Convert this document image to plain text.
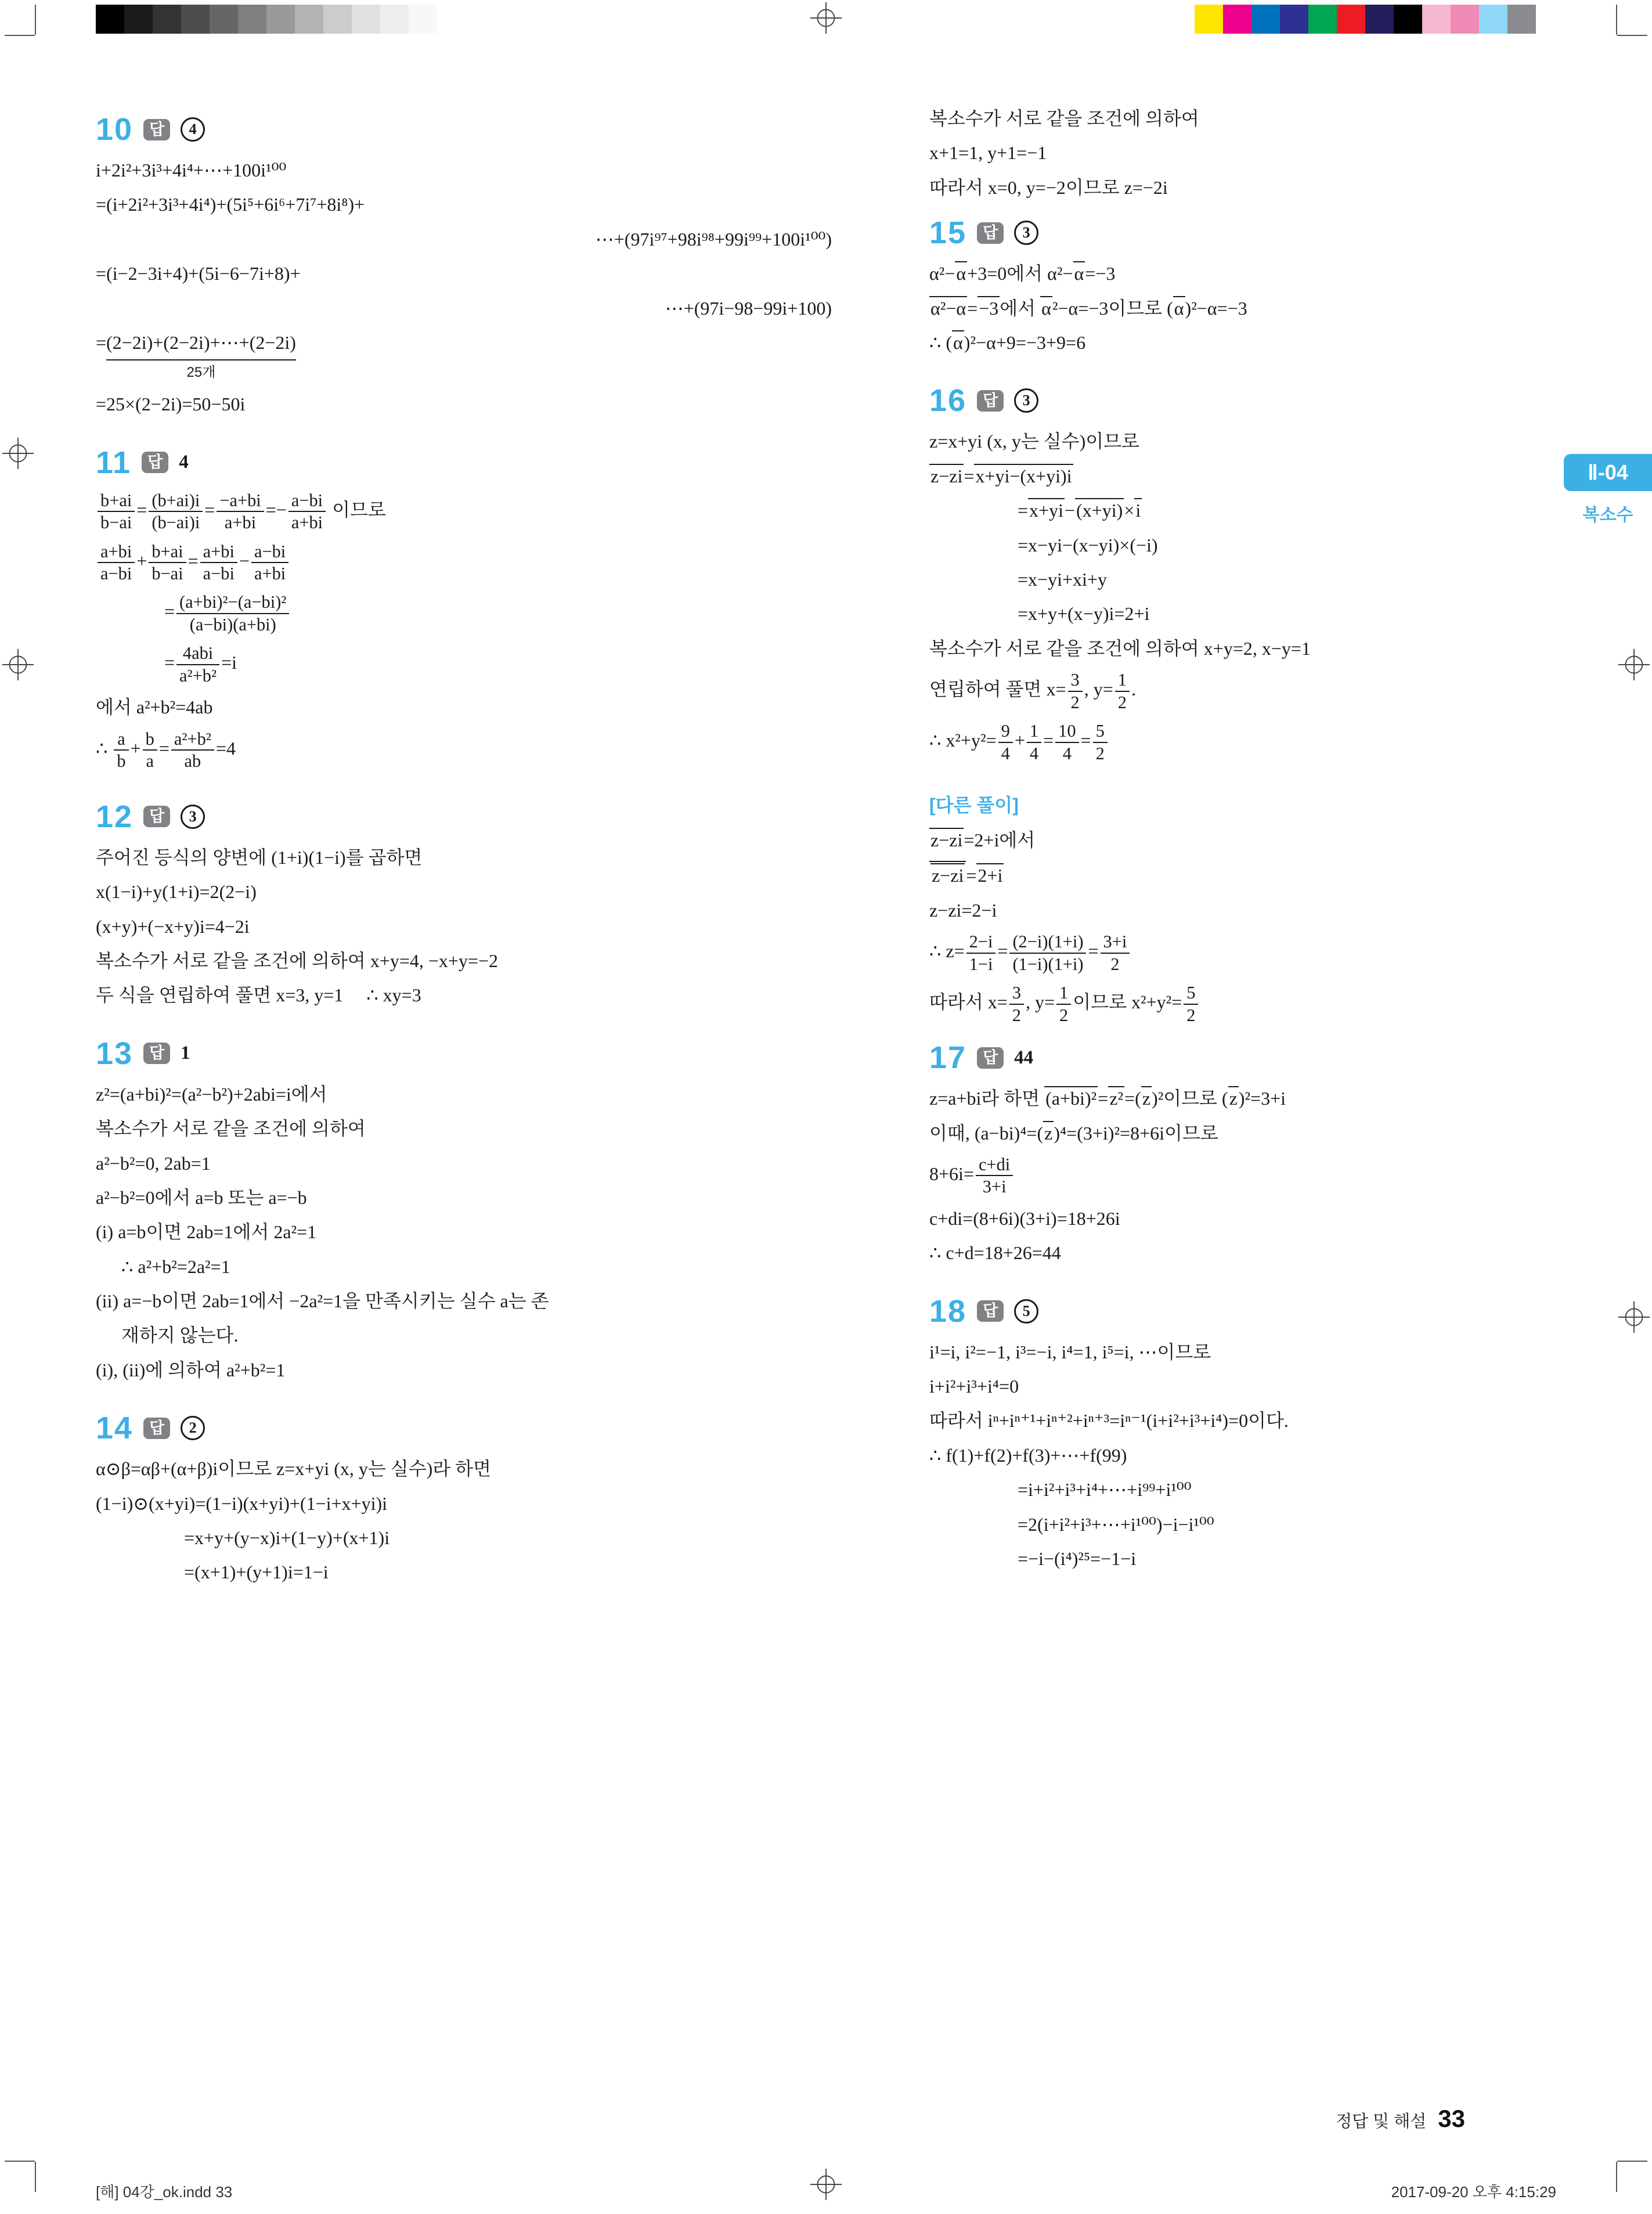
Ⅱ-04
복소수
10	답	4
i+2i²+3i³+4i⁴+⋯+100i¹⁰⁰
=(i+2i²+3i³+4i⁴)+(5i⁵+6i⁶+7i⁷+8i⁸)+
⋯+(97i⁹⁷+98i⁹⁸+99i⁹⁹+100i¹⁰⁰)
=(i−2−3i+4)+(5i−6−7i+8)+
⋯+(97i−98−99i+100)
= (2−2i)+(2−2i)+⋯+(2−2i)
25개
=25×(2−2i)=50−50i
11	답 4
$\frac{b+ai}{b-ai} = \frac{(b+ai)i}{(b-ai)i} = \frac{-a+bi}{a+bi} =- \frac{a-bi}{a+bi}$ 이므로
$\frac{a+bi}{a-bi} + \frac{b+ai}{b-ai} = \frac{a+bi}{a-bi} - \frac{a-bi}{a+bi}$
= $\frac{\text{(a+bi)²−(a−bi)²}}{(a-bi)(a+bi)}$
= 4abi
a²+b²
=i
에서 a²+b²=4ab
∴ $\frac{a}{b} + \frac{b}{a} = \frac{\text{a²+b²}}{ab} =4$
12	답	3
주어진 등식의 양변에 (1+i)(1−i)를 곱하면
x(1−i)+y(1+i)=2(2−i)
(x+y)+(−x+y)i=4−2i
복소수가 서로 같을 조건에 의하여 x+y=4, −x+y=−2
두 식을 연립하여 풀면 x=3, y=1     ∴ xy=3
13	답 1
z²=(a+bi)²=(a²−b²)+2abi=i에서
복소수가 서로 같을 조건에 의하여
a²−b²=0, 2ab=1
a²−b²=0에서 a=b 또는 a=−b
(i) a=b이면 2ab=1에서 2a²=1
∴ a²+b²=2a²=1
(ii) a=−b이면 2ab=1에서 −2a²=1을 만족시키는 실수 a는 존
재하지 않는다.
(i), (ii)에 의하여 a²+b²=1
14	답	2
α⊙β=αβ+(α+β)i이므로 z=x+yi (x, y는 실수)라 하면
(1−i)⊙(x+yi)=(1−i)(x+yi)+(1−i+x+yi)i
=x+y+(y−x)i+(1−y)+(x+1)i
=(x+1)+(y+1)i=1−i
복소수가 서로 같을 조건에 의하여
x+1=1, y+1=−1
따라서 x=0, y=−2이므로 z=−2i
15	답	3
α²−α+3=0에서 α²−α=−3
α²−α=−3에서 α²−α=−3이므로 (α)²−α=−3
∴ (α)²−α+9=−3+9=6
16	답	3
z=x+yi (x, y는 실수)이므로
z−zi=x+yi−(x+yi)i
=x+yi−(x+yi)×i
=x−yi−(x−yi)×(−i)
=x−yi+xi+y
=x+y+(x−y)i=2+i
복소수가 서로 같을 조건에 의하여 x+y=2, x−y=1
연립하여 풀면 $x= \frac{3}{2}$ , $y= \frac{1}{2}$ .
∴ $x^2+y^2= \frac{9}{4} + \frac{1}{4} = \frac{10}{4} = \frac{5}{2}$
[다른 풀이]
z−zi=2+i에서
z−zi =2+i
z−zi=2−i
∴ $z= \frac{2-i}{1-i} = \frac{(2-i)(1+i)}{(1-i)(1+i)} = \frac{3+i}{2}$
따라서 $x= \frac{3}{2}$ , $y= \frac{1}{2}$ 이므로 $x^2+y^2= \frac{5}{2}$
17	답 44
z=a+bi라 하면 (a+bi)²=z²=(z)²이므로 (z)²=3+i
이때, (a−bi)⁴=(z)⁴=(3+i)²=8+6i이므로
$8+6i= \frac{c+di}{3+i}$
c+di=(8+6i)(3+i)=18+26i
∴ c+d=18+26=44
18	답	5
i¹=i, i²=−1, i³=−i, i⁴=1, i⁵=i, ⋯이므로
i+i²+i³+i⁴=0
따라서 iⁿ+iⁿ⁺¹+iⁿ⁺²+iⁿ⁺³=iⁿ⁻¹(i+i²+i³+i⁴)=0이다.
∴ f(1)+f(2)+f(3)+⋯+f(99)
=i+i²+i³+i⁴+⋯+i⁹⁹+i¹⁰⁰
=2(i+i²+i³+⋯+i¹⁰⁰)−i−i¹⁰⁰
=−i−(i⁴)²⁵=−1−i
정답 및 해설 33
[해] 04강_ok.indd 33	2017-09-20 오후 4:15:29
